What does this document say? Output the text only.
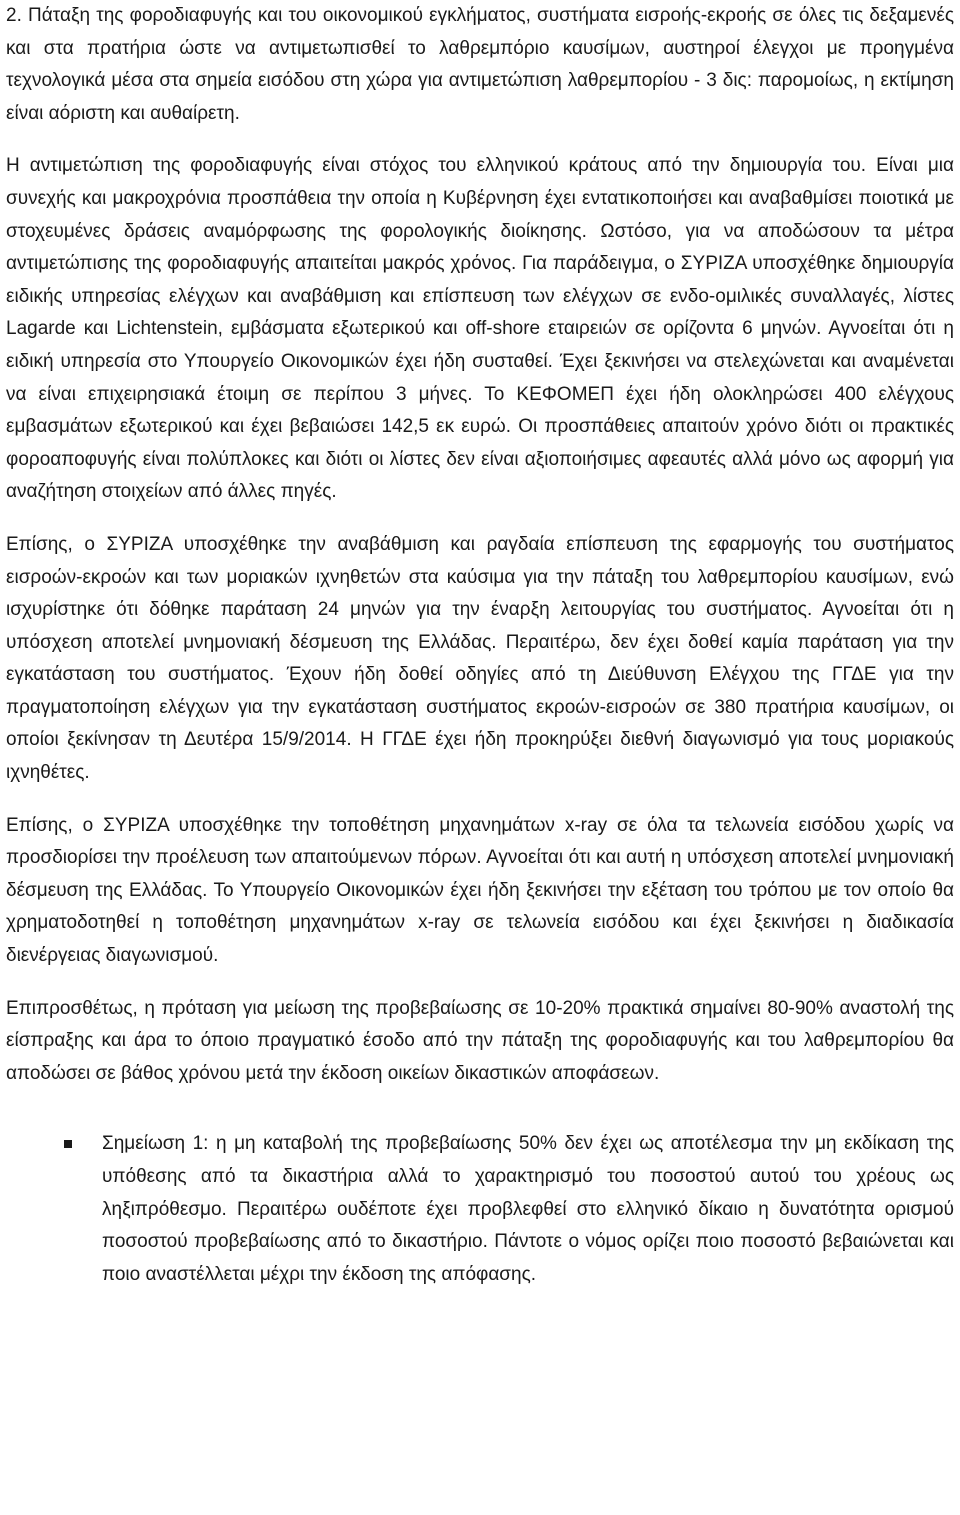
2. Πάταξη της φοροδιαφυγής και του οικονομικού εγκλήματος, συστήματα εισροής-εκροής σε όλες τις δεξαμενές και στα πρατήρια ώστε να αντιμετωπισθεί το λαθρεμπόριο καυσίμων, αυστηροί έλεγχοι με προηγμένα τεχνολογικά μέσα στα σημεία εισόδου στη χώρα για αντιμετώπιση λαθρεμπορίου - 3 δις: παρομοίως, η εκτίμηση είναι αόριστη και αυθαίρετη.

Η αντιμετώπιση της φοροδιαφυγής είναι στόχος του ελληνικού κράτους από την δημιουργία του. Είναι μια συνεχής και μακροχρόνια προσπάθεια την οποία η Κυβέρνηση έχει εντατικοποιήσει και αναβαθμίσει ποιοτικά με στοχευμένες δράσεις αναμόρφωσης της φορολογικής διοίκησης. Ωστόσο, για να αποδώσουν τα μέτρα αντιμετώπισης της φοροδιαφυγής απαιτείται μακρός χρόνος. Για παράδειγμα, ο ΣΥΡΙΖΑ υποσχέθηκε δημιουργία ειδικής υπηρεσίας ελέγχων και αναβάθμιση και επίσπευση των ελέγχων σε ενδο-ομιλικές συναλλαγές, λίστες Lagarde και Lichtenstein, εμβάσματα εξωτερικού και off-shore εταιρειών σε ορίζοντα 6 μηνών. Αγνοείται ότι η ειδική υπηρεσία στο Υπουργείο Οικονομικών έχει ήδη συσταθεί. Έχει ξεκινήσει να στελεχώνεται και αναμένεται να είναι επιχειρησιακά έτοιμη σε περίπου 3 μήνες. Το ΚΕΦΟΜΕΠ έχει ήδη ολοκληρώσει 400 ελέγχους εμβασμάτων εξωτερικού και έχει βεβαιώσει 142,5 εκ ευρώ. Οι προσπάθειες απαιτούν χρόνο διότι οι πρακτικές φοροαποφυγής είναι πολύπλοκες και διότι οι λίστες δεν είναι αξιοποιήσιμες αφεαυτές αλλά μόνο ως αφορμή για αναζήτηση στοιχείων από άλλες πηγές.

Επίσης, ο ΣΥΡΙΖΑ υποσχέθηκε την αναβάθμιση και ραγδαία επίσπευση της εφαρμογής του συστήματος εισροών-εκροών και των μοριακών ιχνηθετών στα καύσιμα για την πάταξη του λαθρεμπορίου καυσίμων, ενώ ισχυρίστηκε ότι δόθηκε παράταση 24 μηνών για την έναρξη λειτουργίας του συστήματος. Αγνοείται ότι η υπόσχεση αποτελεί μνημονιακή δέσμευση της Ελλάδας. Περαιτέρω, δεν έχει δοθεί καμία παράταση για την εγκατάσταση του συστήματος. Έχουν ήδη δοθεί οδηγίες από τη Διεύθυνση Ελέγχου της ΓΓΔΕ για την πραγματοποίηση ελέγχων για την εγκατάσταση συστήματος εκροών-εισροών σε 380 πρατήρια καυσίμων, οι οποίοι ξεκίνησαν τη Δευτέρα 15/9/2014. Η ΓΓΔΕ έχει ήδη προκηρύξει διεθνή διαγωνισμό για τους μοριακούς ιχνηθέτες.

Επίσης, ο ΣΥΡΙΖΑ υποσχέθηκε την τοποθέτηση μηχανημάτων x-ray σε όλα τα τελωνεία εισόδου χωρίς να προσδιορίσει την προέλευση των απαιτούμενων πόρων. Αγνοείται ότι και αυτή η υπόσχεση αποτελεί μνημονιακή δέσμευση της Ελλάδας. Το Υπουργείο Οικονομικών έχει ήδη ξεκινήσει την εξέταση του τρόπου με τον οποίο θα χρηματοδοτηθεί η τοποθέτηση μηχανημάτων x-ray σε τελωνεία εισόδου και έχει ξεκινήσει η διαδικασία διενέργειας διαγωνισμού.

Επιπροσθέτως, η πρόταση για μείωση της προβεβαίωσης σε 10-20% πρακτικά σημαίνει 80-90% αναστολή της είσπραξης και άρα το όποιο πραγματικό έσοδο από την πάταξη της φοροδιαφυγής και του λαθρεμπορίου θα αποδώσει σε βάθος χρόνου μετά την έκδοση οικείων δικαστικών αποφάσεων.

Σημείωση 1: η μη καταβολή της προβεβαίωσης 50% δεν έχει ως αποτέλεσμα την μη εκδίκαση της υπόθεσης από τα δικαστήρια αλλά το χαρακτηρισμό του ποσοστού αυτού του χρέους ως ληξιπρόθεσμο. Περαιτέρω ουδέποτε έχει προβλεφθεί στο ελληνικό δίκαιο η δυνατότητα ορισμού ποσοστού προβεβαίωσης από το δικαστήριο. Πάντοτε ο νόμος ορίζει ποιο ποσοστό βεβαιώνεται και ποιο αναστέλλεται μέχρι την έκδοση της απόφασης.
